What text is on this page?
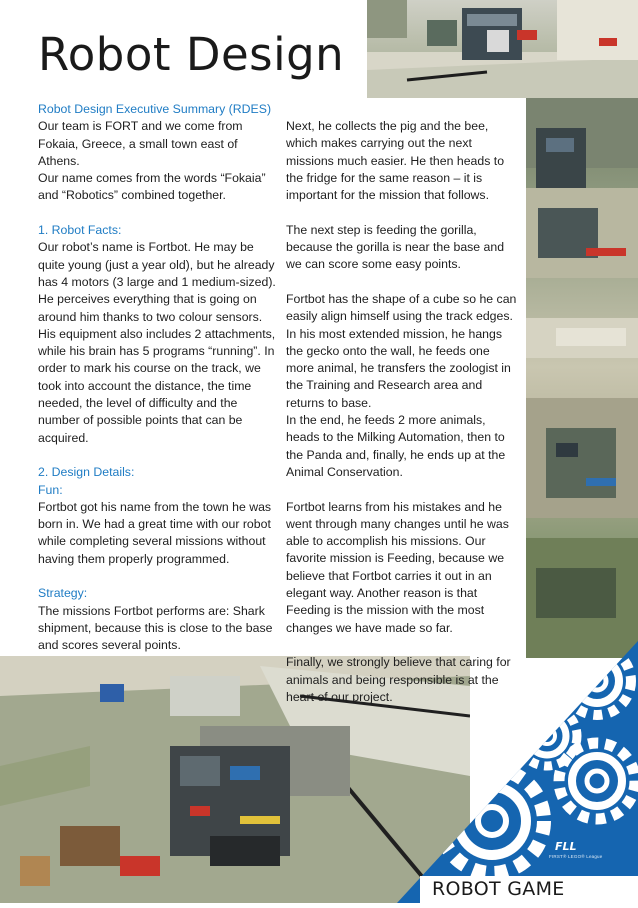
Robot Design

Robot Design Executive Summary (RDES)
Our team is FORT and we come from Fokaia, Greece, a small town east of Athens.
Our name comes from the words “Fokaia” and “Robotics” combined together.

1. Robot Facts:
Our robot’s name is Fortbot. He may be quite young (just a year old), but he already has 4 motors (3 large and 1 medium-sized). He perceives everything that is going on around him thanks to two colour sensors. His equipment also includes 2 attachments, while his brain has 5 programs “running”. In order to mark his course on the track, we took into account the distance, the time needed, the level of difficulty and the number of possible points that can be acquired.

2. Design Details:
Fun:
Fortbot got his name from the town he was born in. We had a great time with our robot while completing several missions without having them properly programmed.

Strategy:
The missions Fortbot performs are: Shark shipment, because this is close to the base and scores several points.

Next, he collects the pig and the bee, which makes carrying out the next missions much easier. He then heads to the fridge for the same reason – it is important for the mission that follows.

The next step is feeding the gorilla, because the gorilla is near the base and we can score some easy points.

Fortbot has the shape of a cube so he can easily align himself using the track edges. In his most extended mission, he hangs the gecko onto the wall, he feeds one more animal, he transfers the zoologist in the Training and Research area and returns to base.
In the end, he feeds 2 more animals, heads to the Milking Automation, then to the Panda and, finally, he ends up at the Animal Conservation.

Fortbot learns from his mistakes and he went through many changes until he was able to accomplish his missions. Our favorite mission is Feeding, because we believe that Fortbot carries it out in an elegant way. Another reason is that Feeding is the mission with the most changes we have made so far.

Finally, we strongly believe that caring for animals and being responsible is at the heart of our project.

FLL
FIRST® LEGO® League
ROBOT GAME
